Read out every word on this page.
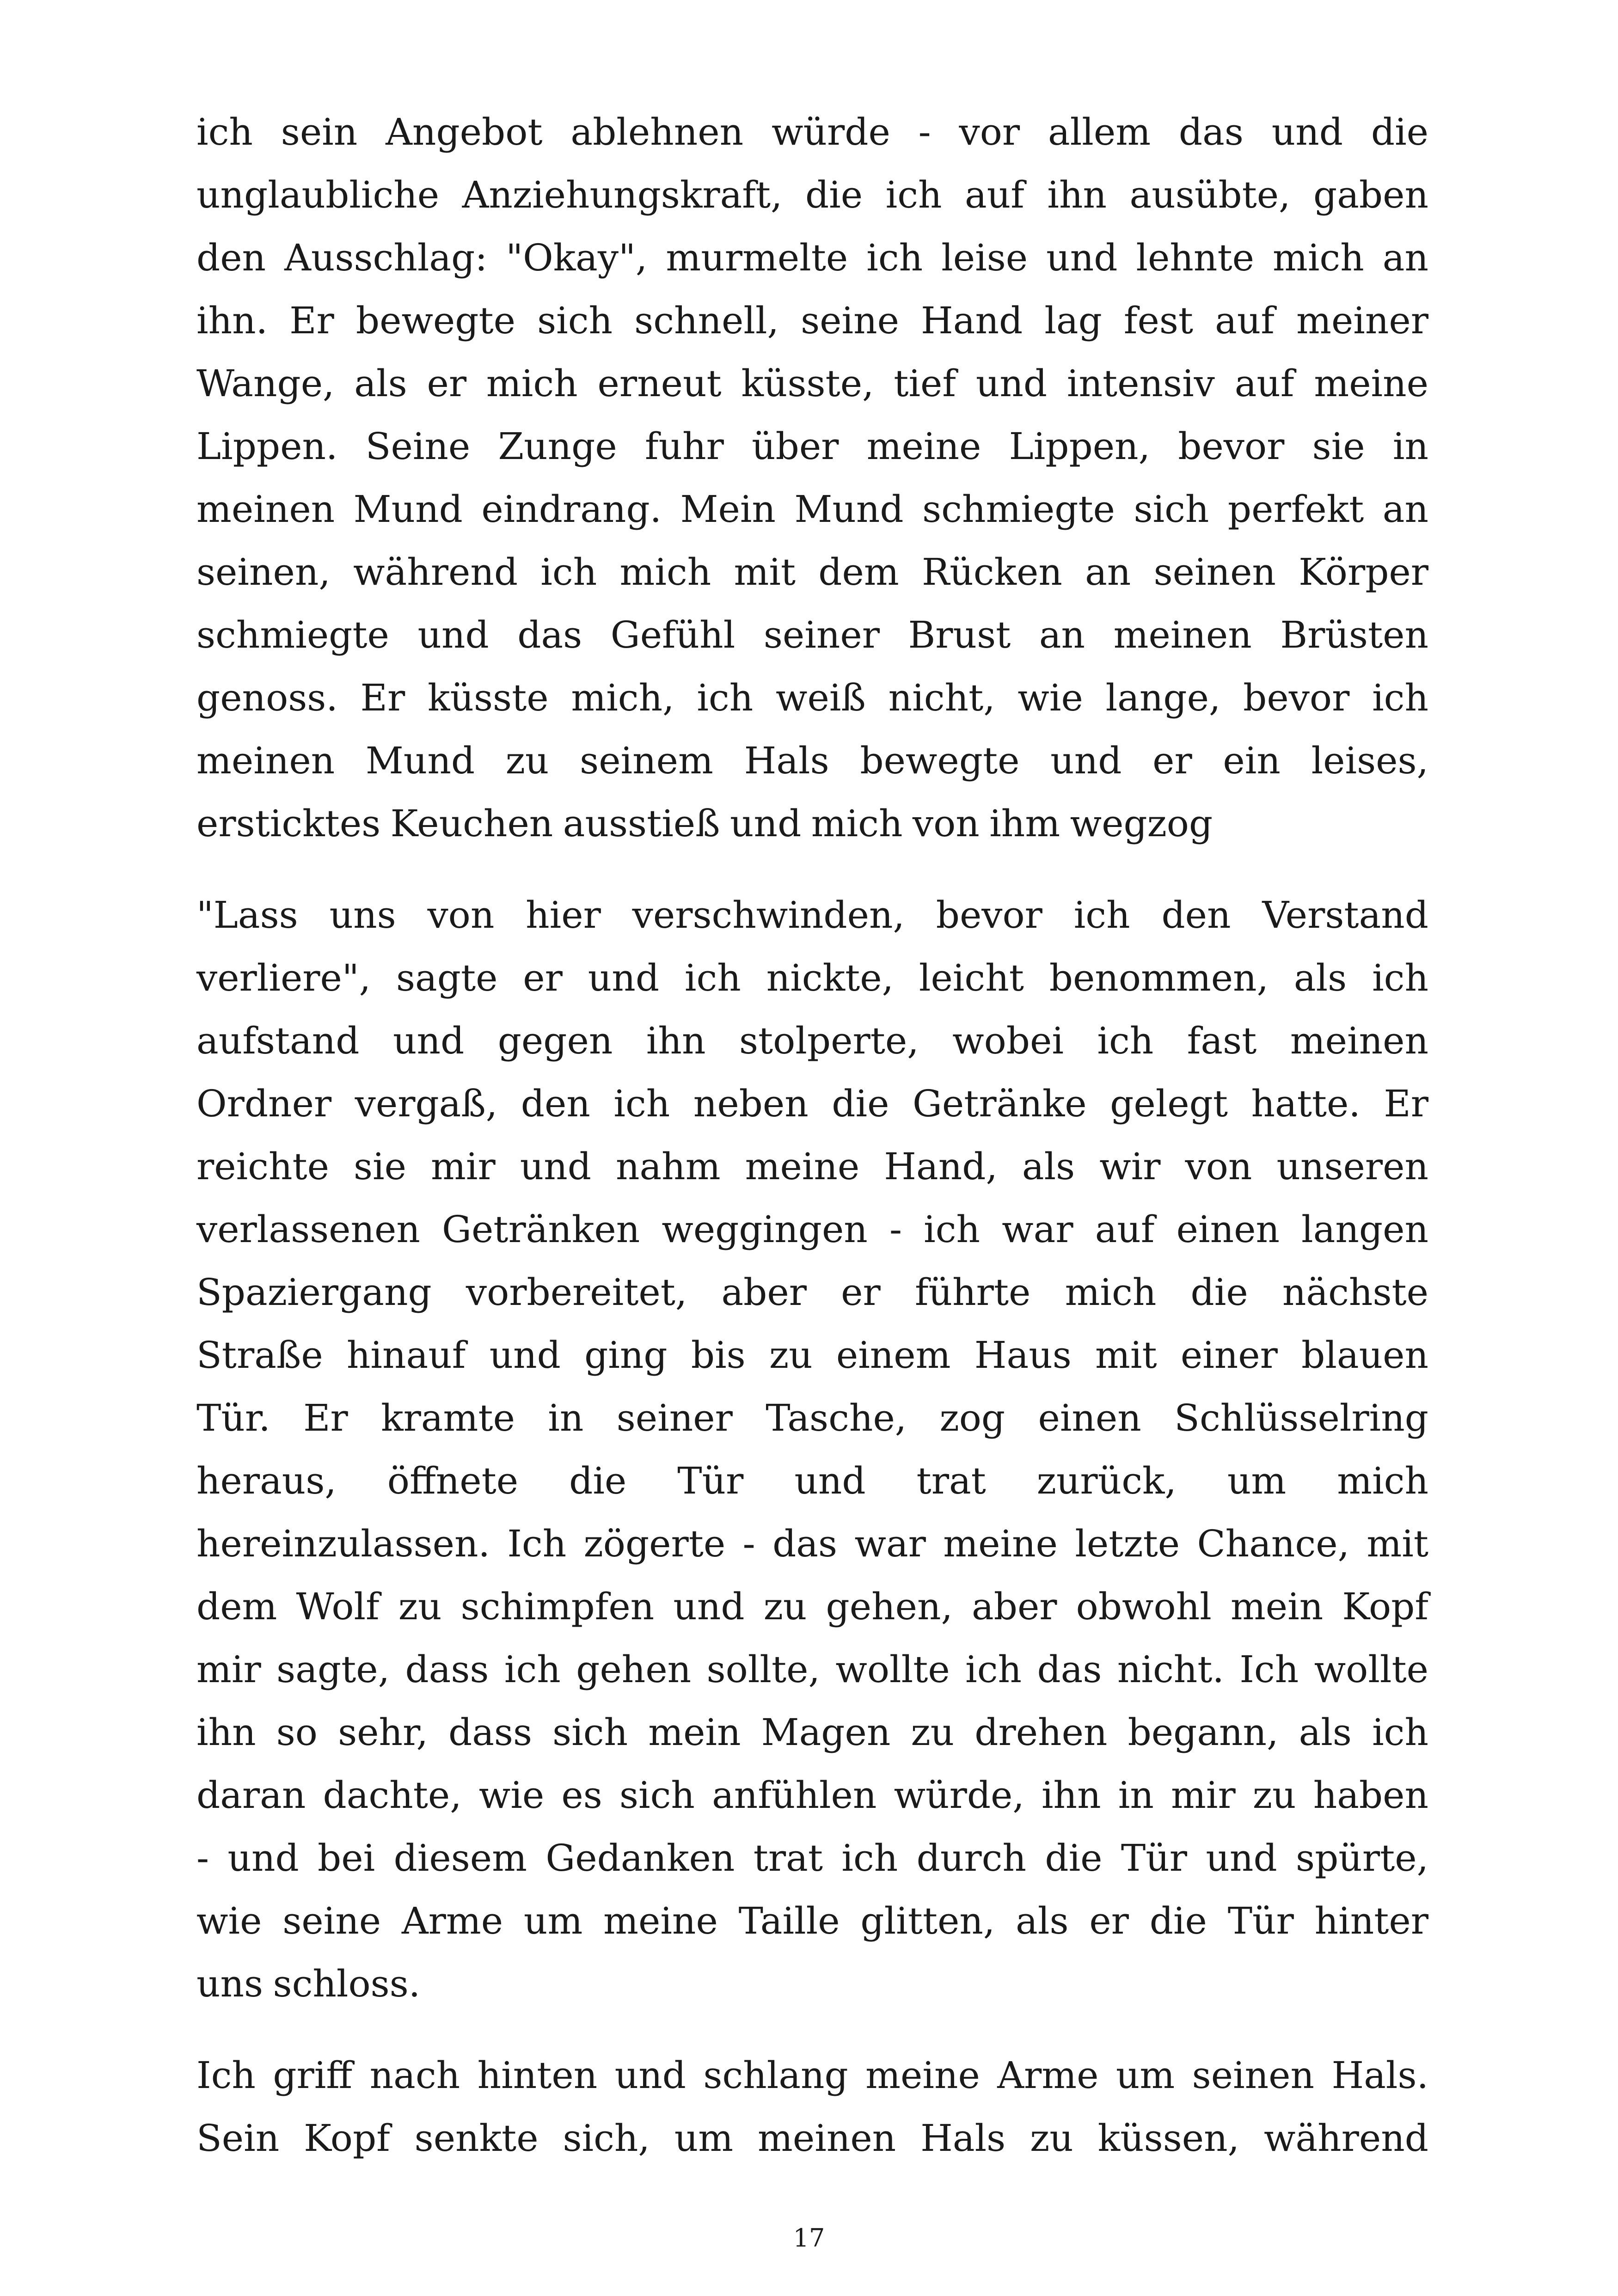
ich sein Angebot ablehnen würde - vor allem das und die
unglaubliche Anziehungskraft, die ich auf ihn ausübte, gaben
den Ausschlag: "Okay", murmelte ich leise und lehnte mich an
ihn. Er bewegte sich schnell, seine Hand lag fest auf meiner
Wange, als er mich erneut küsste, tief und intensiv auf meine
Lippen. Seine Zunge fuhr über meine Lippen, bevor sie in
meinen Mund eindrang. Mein Mund schmiegte sich perfekt an
seinen, während ich mich mit dem Rücken an seinen Körper
schmiegte und das Gefühl seiner Brust an meinen Brüsten
genoss. Er küsste mich, ich weiß nicht, wie lange, bevor ich
meinen Mund zu seinem Hals bewegte und er ein leises,
ersticktes Keuchen ausstieß und mich von ihm wegzog
"Lass uns von hier verschwinden, bevor ich den Verstand
verliere", sagte er und ich nickte, leicht benommen, als ich
aufstand und gegen ihn stolperte, wobei ich fast meinen
Ordner vergaß, den ich neben die Getränke gelegt hatte. Er
reichte sie mir und nahm meine Hand, als wir von unseren
verlassenen Getränken weggingen - ich war auf einen langen
Spaziergang vorbereitet, aber er führte mich die nächste
Straße hinauf und ging bis zu einem Haus mit einer blauen
Tür. Er kramte in seiner Tasche, zog einen Schlüsselring
heraus, öffnete die Tür und trat zurück, um mich
hereinzulassen. Ich zögerte - das war meine letzte Chance, mit
dem Wolf zu schimpfen und zu gehen, aber obwohl mein Kopf
mir sagte, dass ich gehen sollte, wollte ich das nicht. Ich wollte
ihn so sehr, dass sich mein Magen zu drehen begann, als ich
daran dachte, wie es sich anfühlen würde, ihn in mir zu haben
- und bei diesem Gedanken trat ich durch die Tür und spürte,
wie seine Arme um meine Taille glitten, als er die Tür hinter
uns schloss.
Ich griff nach hinten und schlang meine Arme um seinen Hals.
Sein Kopf senkte sich, um meinen Hals zu küssen, während
17
